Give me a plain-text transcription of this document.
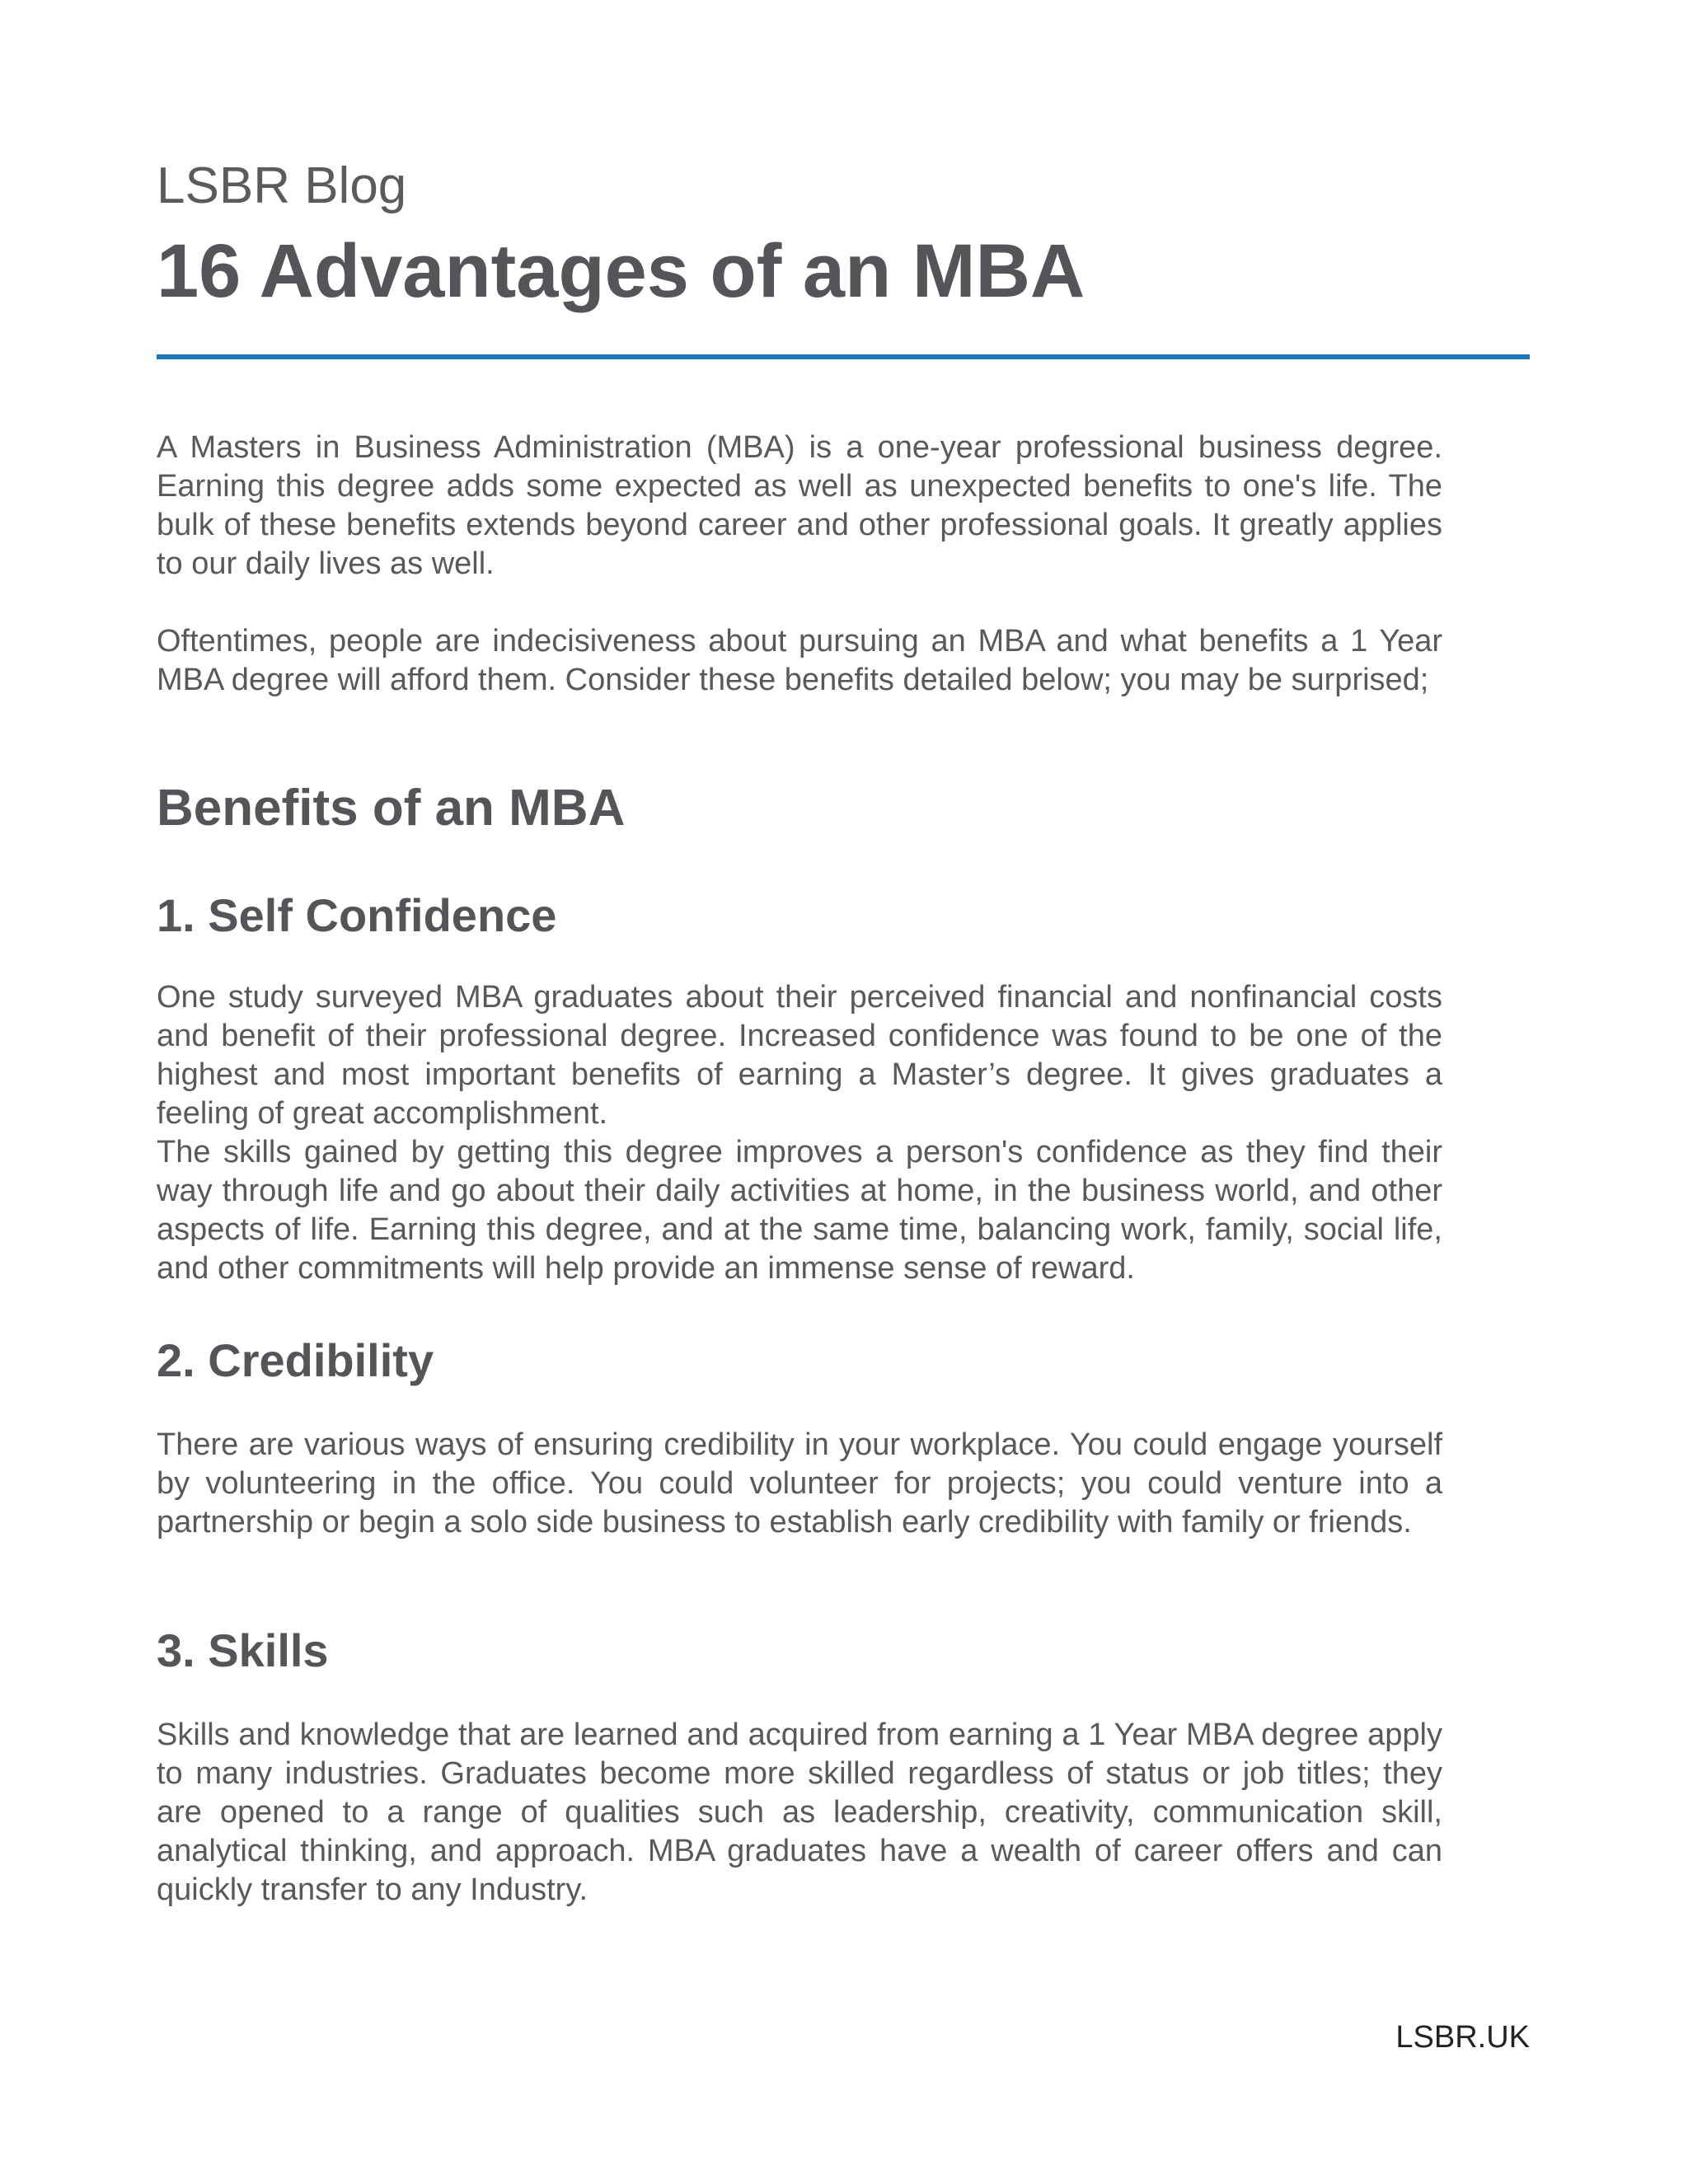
LSBR Blog
16 Advantages of an MBA

A Masters in Business Administration (MBA) is a one-year professional business degree. Earning this degree adds some expected as well as unexpected benefits to one's life. The bulk of these benefits extends beyond career and other professional goals. It greatly applies to our daily lives as well.

Oftentimes, people are indecisiveness about pursuing an MBA and what benefits a 1 Year MBA degree will afford them. Consider these benefits detailed below; you may be surprised;

Benefits of an MBA
1. Self Confidence

One study surveyed MBA graduates about their perceived financial and nonfinancial costs and benefit of their professional degree. Increased confidence was found to be one of the highest and most important benefits of earning a Master’s degree. It gives graduates a feeling of great accomplishment.

The skills gained by getting this degree improves a person's confidence as they find their way through life and go about their daily activities at home, in the business world, and other aspects of life. Earning this degree, and at the same time, balancing work, family, social life, and other commitments will help provide an immense sense of reward.

2. Credibility

There are various ways of ensuring credibility in your workplace. You could engage yourself by volunteering in the office. You could volunteer for projects; you could venture into a partnership or begin a solo side business to establish early credibility with family or friends.

3. Skills

Skills and knowledge that are learned and acquired from earning a 1 Year MBA degree apply to many industries. Graduates become more skilled regardless of status or job titles; they are opened to a range of qualities such as leadership, creativity, communication skill, analytical thinking, and approach. MBA graduates have a wealth of career offers and can quickly transfer to any Industry.

LSBR.UK
